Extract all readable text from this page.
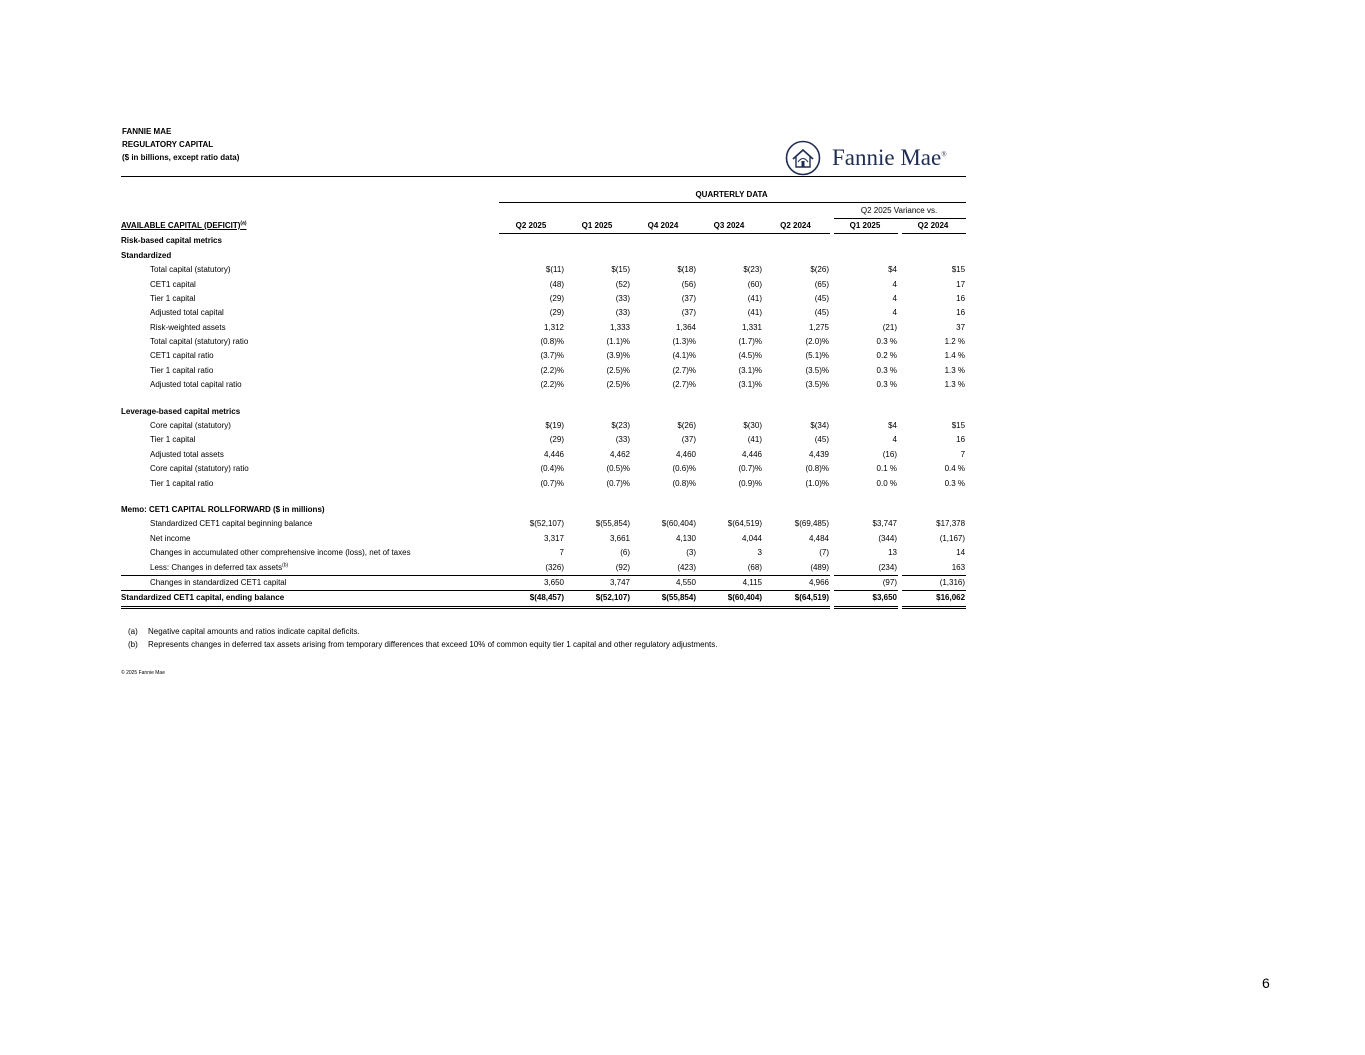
FANNIE MAE
REGULATORY CAPITAL
($ in billions, except ratio data)	Fanniе Mae®
	QUARTERLY DATA								
							Q2 2025 Variance vs.		
AVAILABLE CAPITAL (DEFICIT)$^{(a)}$	Q2 2025	Q1 2025	Q4 2024	Q3 2024	Q2 2024		Q1 2025		Q2 2024
Risk-based capital metrics									
Standardized									
Total capital (statutory)	$(11)	$(15)	$(18)	$(23)	$(26)		$4		$15
CET1 capital	(48)	(52)	(56)	(60)	(65)		4		17
Tier 1 capital	(29)	(33)	(37)	(41)	(45)		4		16
Adjusted total capital	(29)	(33)	(37)	(41)	(45)		4		16
Risk-weighted assets	1,312	1,333	1,364	1,331	1,275		(21)		37
Total capital (statutory) ratio	(0.8)%	(1.1)%	(1.3)%	(1.7)%	(2.0)%		0.3 %		1.2 %
CET1 capital ratio	(3.7)%	(3.9)%	(4.1)%	(4.5)%	(5.1)%		0.2 %		1.4 %
Tier 1 capital ratio	(2.2)%	(2.5)%	(2.7)%	(3.1)%	(3.5)%		0.3 %		1.3 %
Adjusted total capital ratio	(2.2)%	(2.5)%	(2.7)%	(3.1)%	(3.5)%		0.3 %		1.3 %

Leverage-based capital metrics									
Core capital (statutory)	$(19)	$(23)	$(26)	$(30)	$(34)		$4		$15
Tier 1 capital	(29)	(33)	(37)	(41)	(45)		4		16
Adjusted total assets	4,446	4,462	4,460	4,446	4,439		(16)		7
Core capital (statutory) ratio	(0.4)%	(0.5)%	(0.6)%	(0.7)%	(0.8)%		0.1 %		0.4 %
Tier 1 capital ratio	(0.7)%	(0.7)%	(0.8)%	(0.9)%	(1.0)%		0.0 %		0.3 %

Memo: CET1 CAPITAL ROLLFORWARD ($ in millions)									
Standardized CET1 capital beginning balance	$(52,107)	$(55,854)	$(60,404)	$(64,519)	$(69,485)		$3,747		$17,378
Net income	3,317	3,661	4,130	4,044	4,484		(344)		(1,167)
Changes in accumulated other comprehensive income (loss), net of taxes	7	(6)	(3)	3	(7)		13		14
Less: Changes in deferred tax assets$^{(b)}$	(326)	(92)	(423)	(68)	(489)		(234)		163
Changes in standardized CET1 capital	3,650	3,747	4,550	4,115	4,966		(97)		(1,316)
Standardized CET1 capital, ending balance	$(48,457)	$(52,107)	$(55,854)	$(60,404)	$(64,519)		$3,650		$16,062
(a) Negative capital amounts and ratios indicate capital deficits.
(b) Represents changes in deferred tax assets arising from temporary differences that exceed 10% of common equity tier 1 capital and other regulatory adjustments.
© 2025 Fannie Mae
6
